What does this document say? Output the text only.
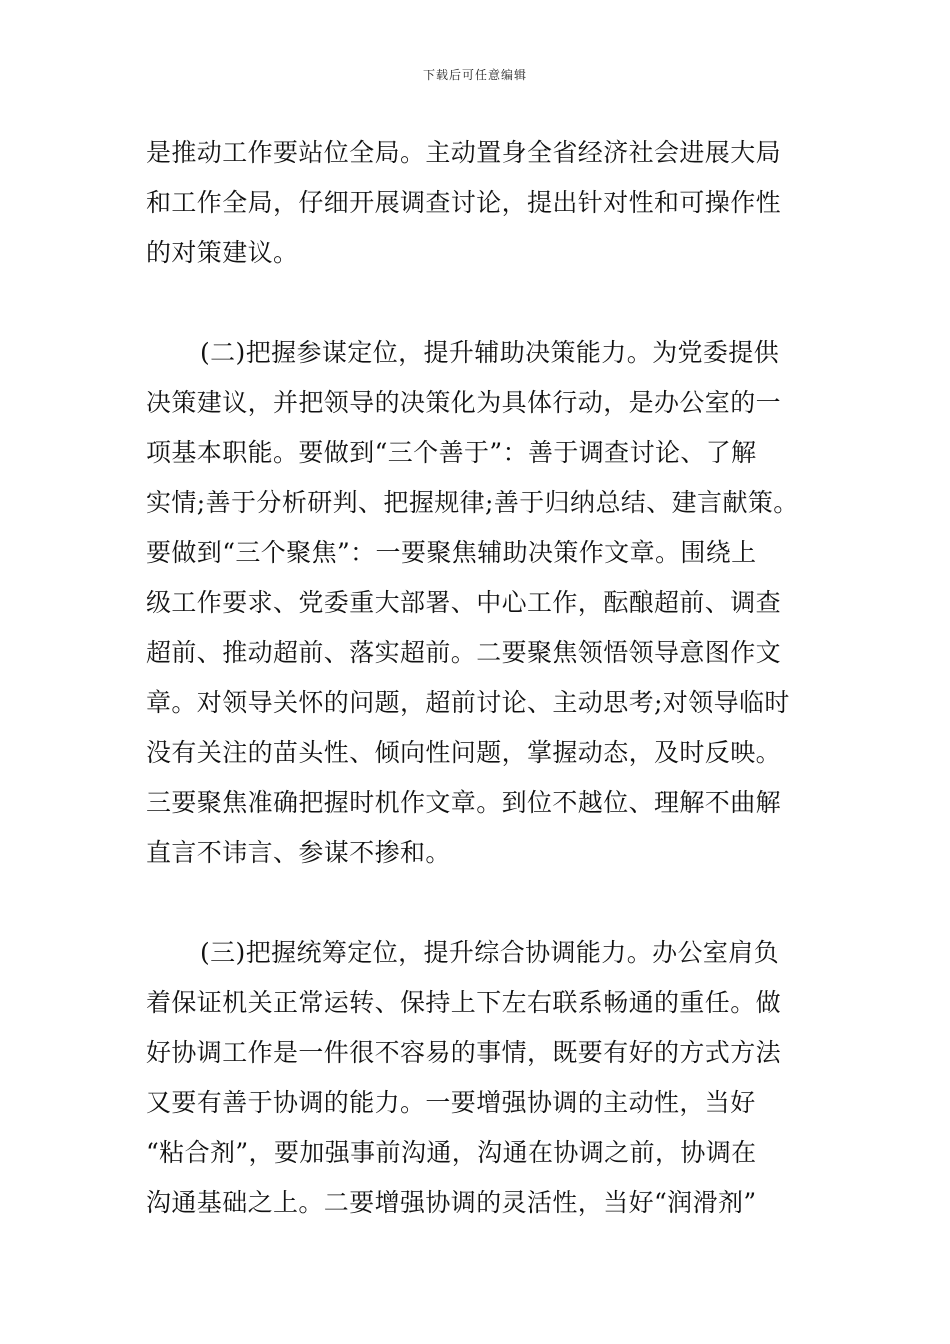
下载后可任意编辑
是推动工作要站位全局。主动置身全省经济社会进展大局
和工作全局，仔细开展调查讨论，提出针对性和可操作性
的对策建议。
(二)把握参谋定位，提升辅助决策能力。为党委提供
决策建议，并把领导的决策化为具体行动，是办公室的一
项基本职能。要做到“三个善于”：善于调查讨论、了解
实情;善于分析研判、把握规律;善于归纳总结、建言献策。
要做到“三个聚焦”：一要聚焦辅助决策作文章。围绕上
级工作要求、党委重大部署、中心工作，酝酿超前、调查
超前、推动超前、落实超前。二要聚焦领悟领导意图作文
章。对领导关怀的问题，超前讨论、主动思考;对领导临时
没有关注的苗头性、倾向性问题，掌握动态，及时反映。
三要聚焦准确把握时机作文章。到位不越位、理解不曲解
直言不讳言、参谋不掺和。
(三)把握统筹定位，提升综合协调能力。办公室肩负
着保证机关正常运转、保持上下左右联系畅通的重任。做
好协调工作是一件很不容易的事情，既要有好的方式方法
又要有善于协调的能力。一要增强协调的主动性，当好
“粘合剂”，要加强事前沟通，沟通在协调之前，协调在
沟通基础之上。二要增强协调的灵活性，当好“润滑剂”
